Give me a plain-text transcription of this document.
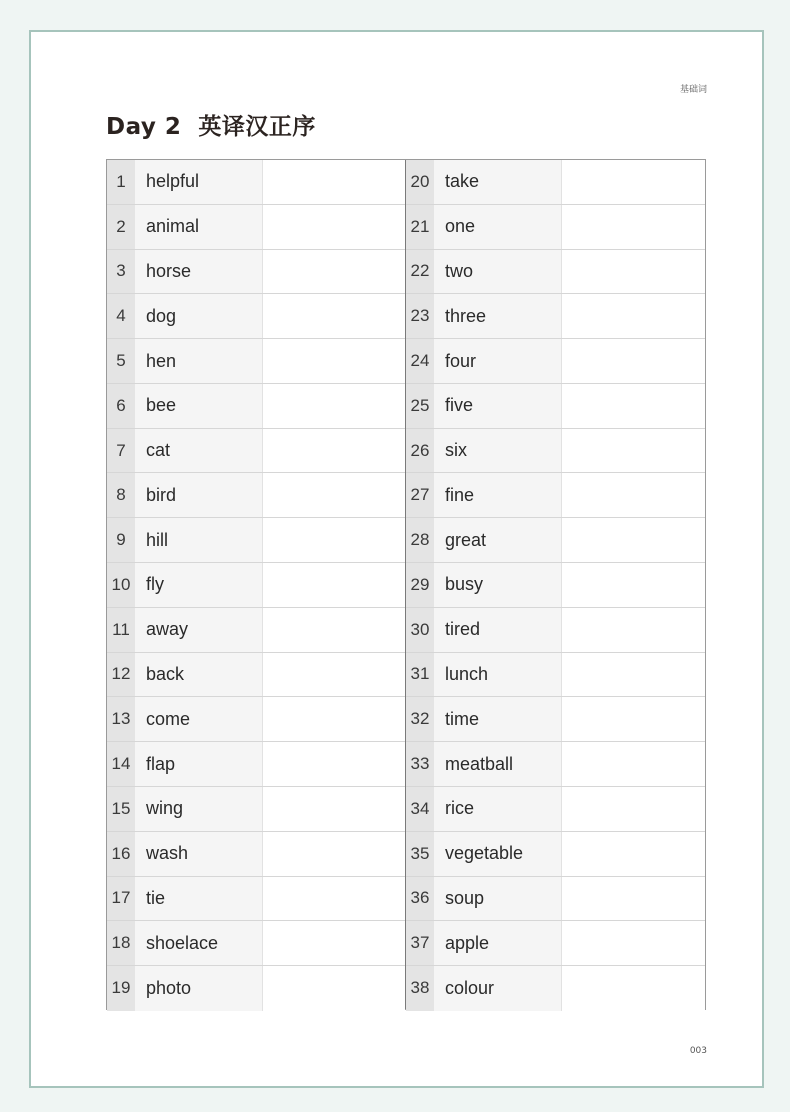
基础词
Day 2  英译汉正序
1	helpful
2	animal
3	horse
4	dog
5	hen
6	bee
7	cat
8	bird
9	hill
10 fly
11 away
12 back
13 come
14 flap
15 wing
16 wash
17 tie
18 shoelace
19 photo
20 take
21 one
22 two
23 three
24 four
25 five
26 six
27 fine
28 great
29 busy
30 tired
31 lunch
32 time
33 meatball
34 rice
35 vegetable
36 soup
37 apple
38 colour
003
